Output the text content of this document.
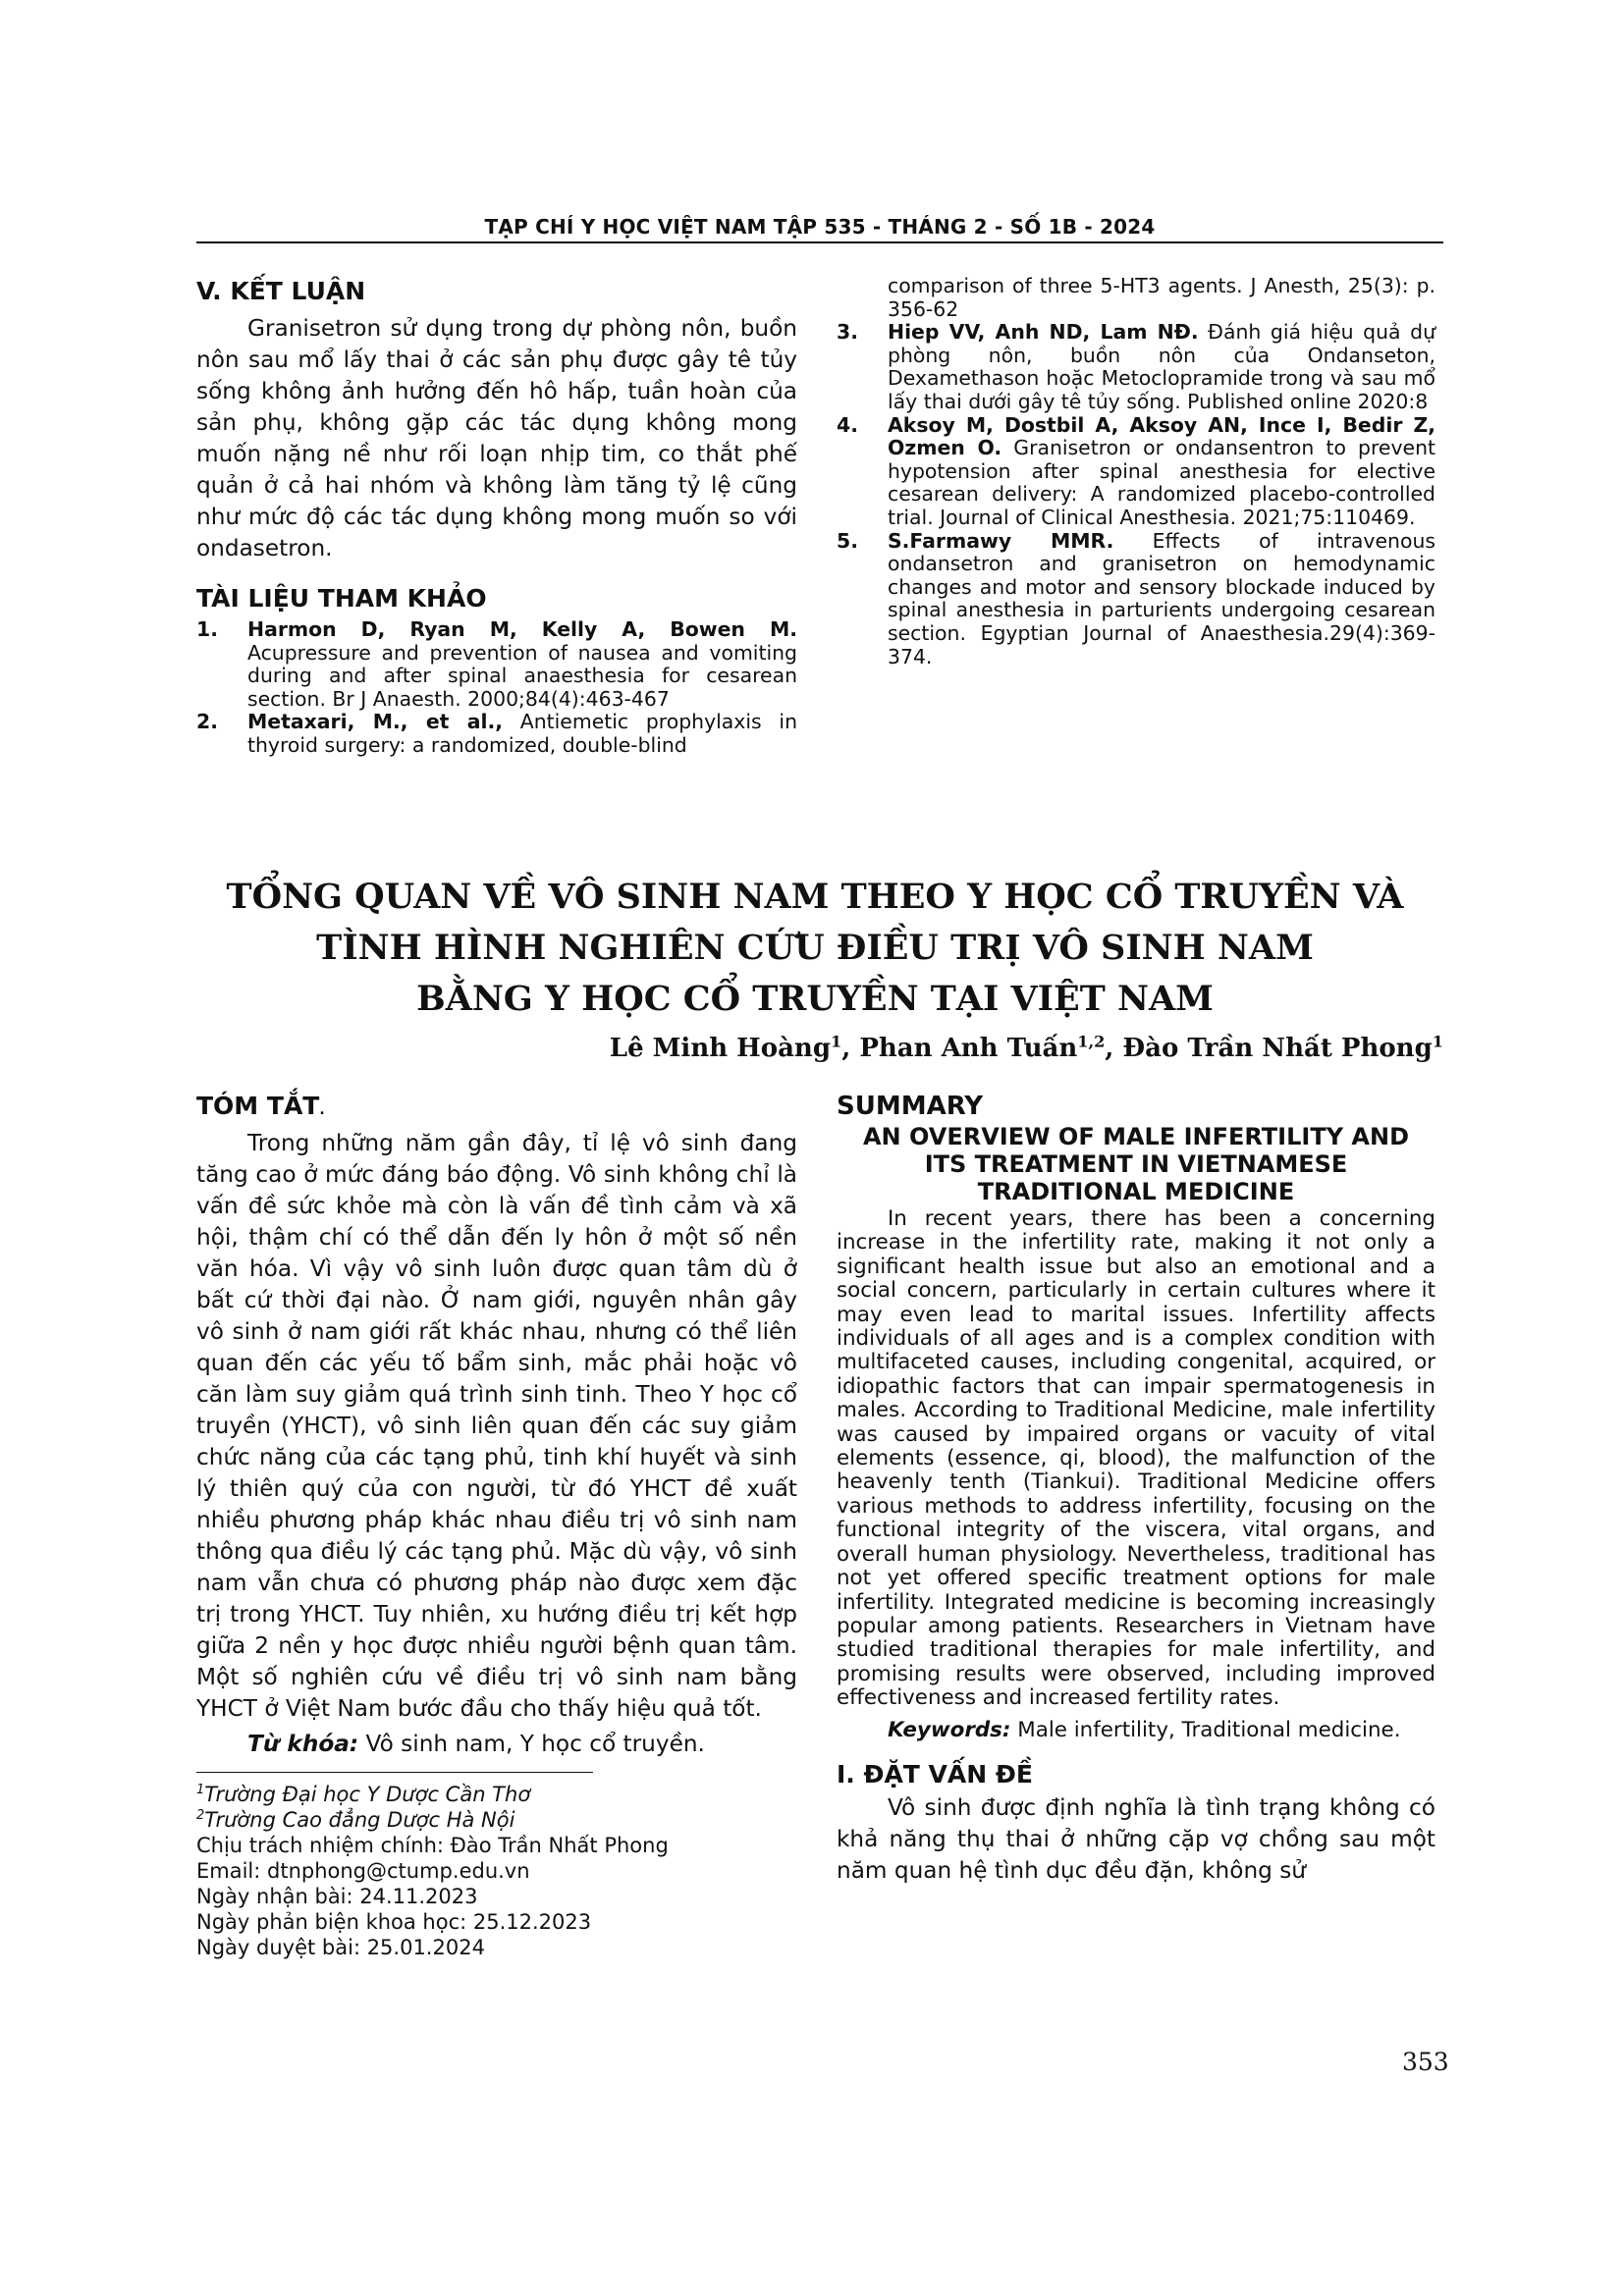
TẠP CHÍ Y HỌC VIỆT NAM TẬP 535 - THÁNG 2 - SỐ 1B - 2024
V. KẾT LUẬN

Granisetron sử dụng trong dự phòng nôn, buồn nôn sau mổ lấy thai ở các sản phụ được gây tê tủy sống không ảnh hưởng đến hô hấp, tuần hoàn của sản phụ, không gặp các tác dụng không mong muốn nặng nề như rối loạn nhịp tim, co thắt phế quản ở cả hai nhóm và không làm tăng tỷ lệ cũng như mức độ các tác dụng không mong muốn so với ondasetron.

TÀI LIỆU THAM KHẢO
1. Harmon D, Ryan M, Kelly A, Bowen M. Acupressure and prevention of nausea and vomiting during and after spinal anaesthesia for cesarean section. Br J Anaesth. 2000;84(4):463-467
2. Metaxari, M., et al., Antiemetic prophylaxis in thyroid surgery: a randomized, double-blind

comparison of three 5-HT3 agents. J Anesth, 25(3): p. 356-62

3. Hiep VV, Anh ND, Lam NĐ. Đánh giá hiệu quả dự phòng nôn, buồn nôn của Ondanseton, Dexamethason hoặc Metoclopramide trong và sau mổ lấy thai dưới gây tê tủy sống. Published online 2020:8
4. Aksoy M, Dostbil A, Aksoy AN, Ince I, Bedir Z, Ozmen O. Granisetron or ondansentron to prevent hypotension after spinal anesthesia for elective cesarean delivery: A randomized placebo-controlled trial. Journal of Clinical Anesthesia. 2021;75:110469.
5. S.Farmawy MMR. Effects of intravenous ondansetron and granisetron on hemodynamic changes and motor and sensory blockade induced by spinal anesthesia in parturients undergoing cesarean section. Egyptian Journal of Anaesthesia.29(4):369-374.
TỔNG QUAN VỀ VÔ SINH NAM THEO Y HỌC CỔ TRUYỀN VÀ
TÌNH HÌNH NGHIÊN CỨU ĐIỀU TRỊ VÔ SINH NAM
BẰNG Y HỌC CỔ TRUYỀN TẠI VIỆT NAM
Lê Minh Hoàng$^1$, Phan Anh Tuấn$^{1,2}$, Đào Trần Nhất Phong$^1$
TÓM TẮT.

Trong những năm gần đây, tỉ lệ vô sinh đang tăng cao ở mức đáng báo động. Vô sinh không chỉ là vấn đề sức khỏe mà còn là vấn đề tình cảm và xã hội, thậm chí có thể dẫn đến ly hôn ở một số nền văn hóa. Vì vậy vô sinh luôn được quan tâm dù ở bất cứ thời đại nào. Ở nam giới, nguyên nhân gây vô sinh ở nam giới rất khác nhau, nhưng có thể liên quan đến các yếu tố bẩm sinh, mắc phải hoặc vô căn làm suy giảm quá trình sinh tinh. Theo Y học cổ truyền (YHCT), vô sinh liên quan đến các suy giảm chức năng của các tạng phủ, tinh khí huyết và sinh lý thiên quý của con người, từ đó YHCT đề xuất nhiều phương pháp khác nhau điều trị vô sinh nam thông qua điều lý các tạng phủ. Mặc dù vậy, vô sinh nam vẫn chưa có phương pháp nào được xem đặc trị trong YHCT. Tuy nhiên, xu hướng điều trị kết hợp giữa 2 nền y học được nhiều người bệnh quan tâm. Một số nghiên cứu về điều trị vô sinh nam bằng YHCT ở Việt Nam bước đầu cho thấy hiệu quả tốt.

Từ khóa: Vô sinh nam, Y học cổ truyền.

$^1$Trường Đại học Y Dược Cần Thơ

$^2$Trường Cao đẳng Dược Hà Nội

Chịu trách nhiệm chính: Đào Trần Nhất Phong

Email: dtnphong@ctump.edu.vn

Ngày nhận bài: 24.11.2023

Ngày phản biện khoa học: 25.12.2023

Ngày duyệt bài: 25.01.2024

SUMMARY

AN OVERVIEW OF MALE INFERTILITY AND

ITS TREATMENT IN VIETNAMESE

TRADITIONAL MEDICINE

In recent years, there has been a concerning increase in the infertility rate, making it not only a significant health issue but also an emotional and a social concern, particularly in certain cultures where it may even lead to marital issues. Infertility affects individuals of all ages and is a complex condition with multifaceted causes, including congenital, acquired, or idiopathic factors that can impair spermatogenesis in males. According to Traditional Medicine, male infertility was caused by impaired organs or vacuity of vital elements (essence, qi, blood), the malfunction of the heavenly tenth (Tiankui). Traditional Medicine offers various methods to address infertility, focusing on the functional integrity of the viscera, vital organs, and overall human physiology. Nevertheless, traditional has not yet offered specific treatment options for male infertility. Integrated medicine is becoming increasingly popular among patients. Researchers in Vietnam have studied traditional therapies for male infertility, and promising results were observed, including improved effectiveness and increased fertility rates.

Keywords: Male infertility, Traditional medicine.

I. ĐẶT VẤN ĐỀ

Vô sinh được định nghĩa là tình trạng không có khả năng thụ thai ở những cặp vợ chồng sau một năm quan hệ tình dục đều đặn, không sử

353
